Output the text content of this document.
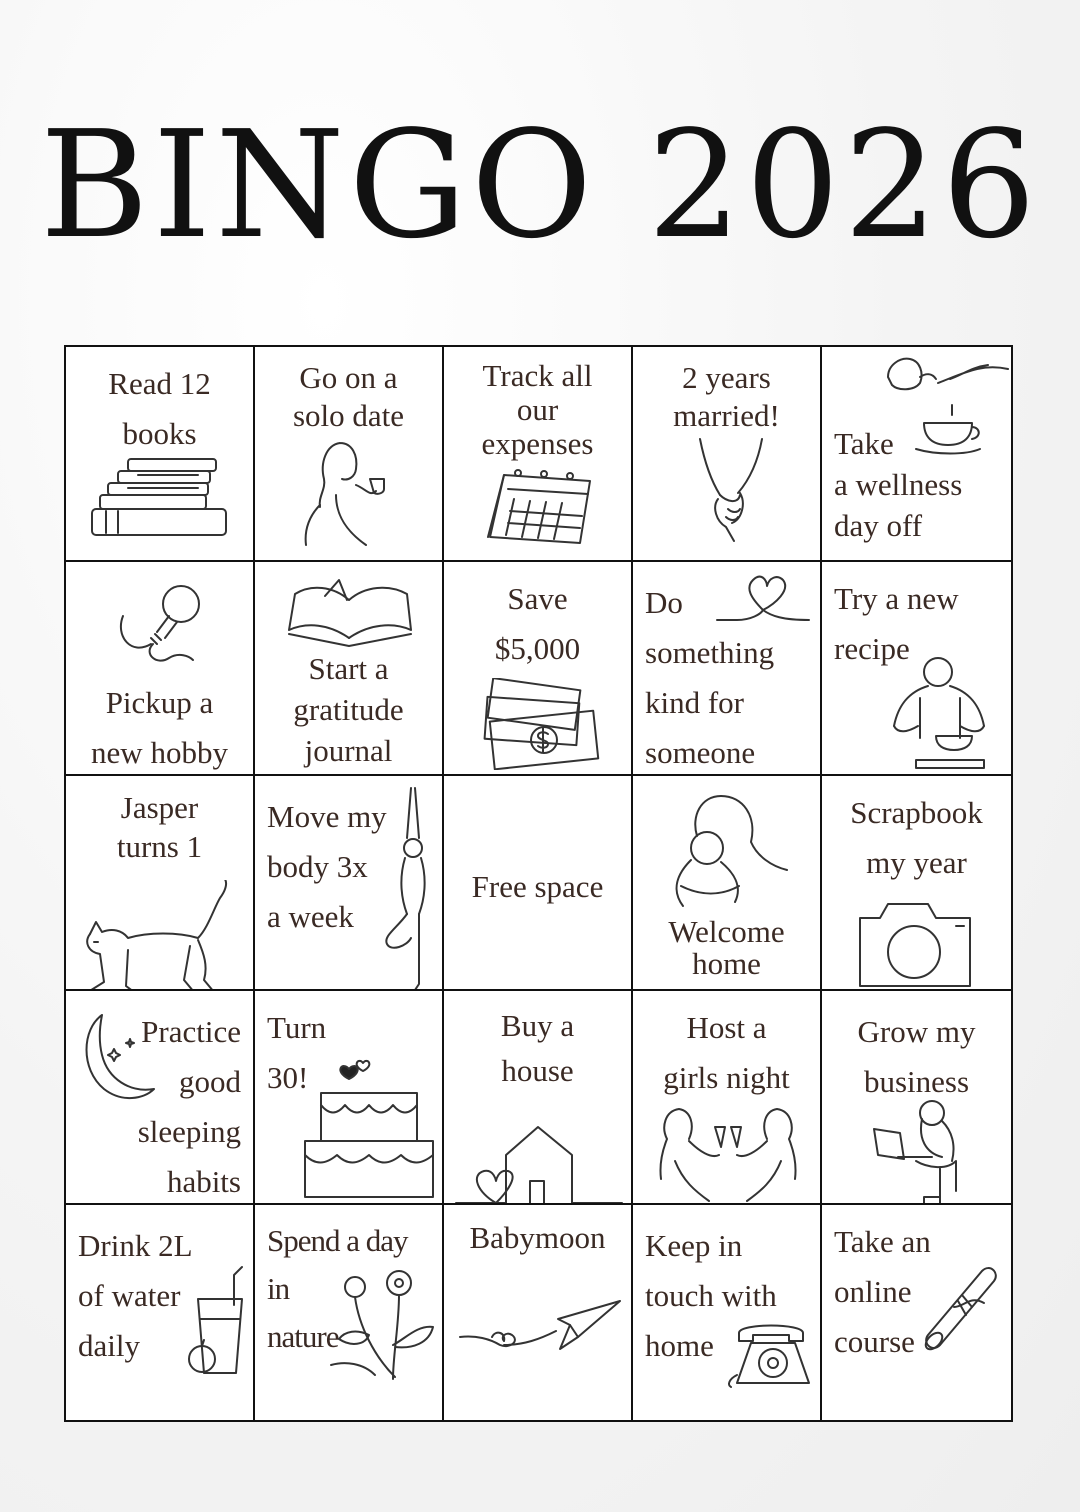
BINGO 2026
Read 12
books
Go on a
solo date
Track all
our
expenses
2 years
married!
Take
a wellness
day off
Pickup a
new hobby
Start a
gratitude
journal
Save
$5,000
Do
something
kind for
someone
Try a new
recipe
Jasper
turns 1
Move my
body 3x
a week
Free space
Welcome
home
Scrapbook
my year
Practice
good
sleeping
habits
Turn
30!
Buy a
house
Host a
girls night
Grow my
business
Drink 2L
of water
daily
Spend a day
in
nature
Babymoon	Keep in
touch with
home
Take an
online
course
